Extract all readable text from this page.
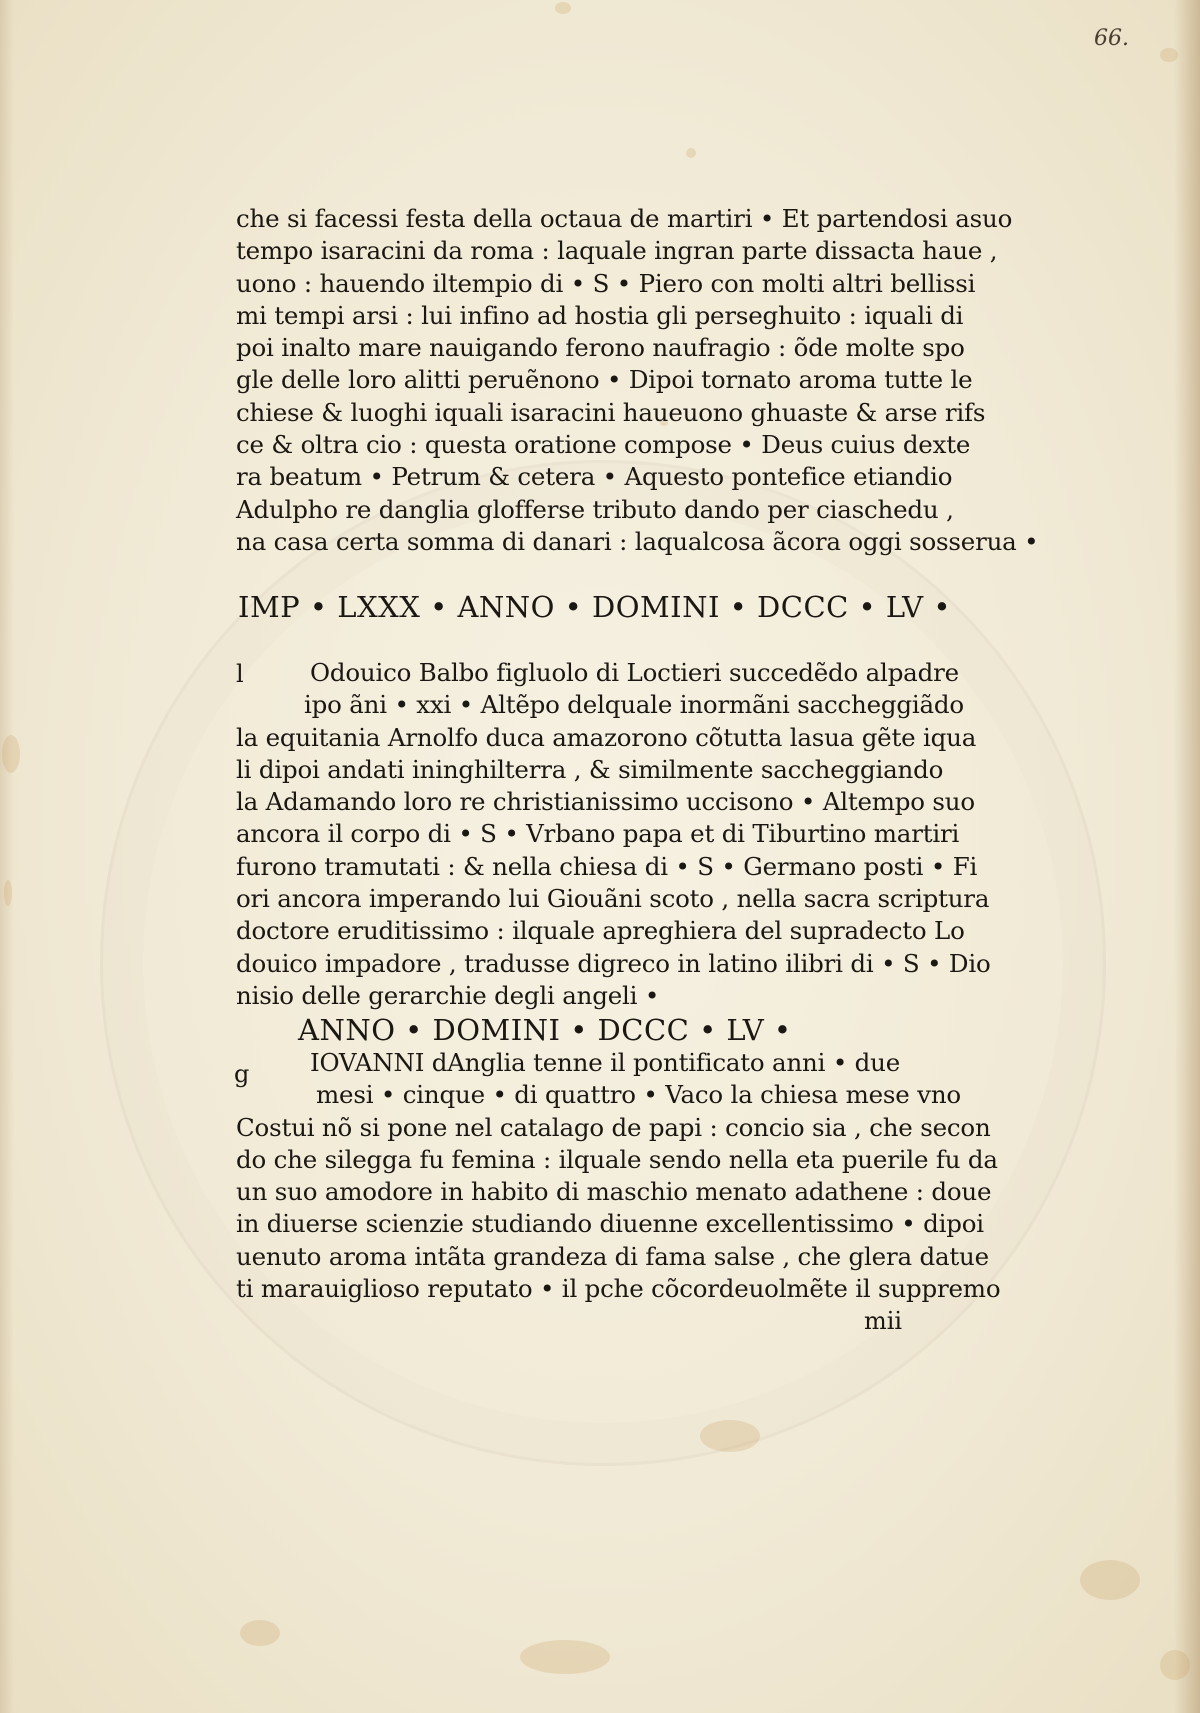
66.
che si facessi festa della octaua de martiri • Et partendosi asuo
tempo isaracini da roma : laquale ingran parte dissacta haue ,
uono : hauendo iltempio di • S • Piero con molti altri bellissi
mi tempi arsi : lui infino ad hostia gli perseghuito : iquali di
poi inalto mare nauigando ferono naufragio : õde molte spo
gle delle loro alitti peruẽnono • Dipoi tornato aroma tutte le
chiese & luoghi iquali isaracini haueuono ghuaste & arse rifs
ce & oltra cio : questa oratione compose • Deus cuius dexte
ra beatum • Petrum & cetera • Aquesto pontefice etiandio
Adulpho re danglia glofferse tributo dando per ciaschedu ,
na casa certa somma di danari : laqualcosa ãcora oggi sosserua •
IMP • LXXX • ANNO • DOMINI • DCCC • LV •
l	Odouico Balbo figluolo di Loctieri succedẽdo alpadre
ipo ãni • xxi • Altẽpo delquale inormãni saccheggiãdo
la equitania Arnolfo duca amazorono cõtutta lasua gẽte iqua
li dipoi andati ininghilterra , & similmente saccheggiando
la Adamando loro re christianissimo uccisono • Altempo suo
ancora il corpo di • S • Vrbano papa et di Tiburtino martiri
furono tramutati : & nella chiesa di • S • Germano posti • Fi
ori ancora imperando lui Giouãni scoto , nella sacra scriptura
doctore eruditissimo : ilquale apreghiera del supradecto Lo
douico impadore , tradusse digreco in latino ilibri di • S • Dio
nisio delle gerarchie degli angeli •
ANNO • DOMINI • DCCC • LV •
g	IOVANNI dAnglia tenne il pontificato anni • due
mesi • cinque • di quattro • Vaco la chiesa mese vno
Costui nõ si pone nel catalago de papi : concio sia , che secon
do che silegga fu femina : ilquale sendo nella eta puerile fu da
un suo amodore in habito di maschio menato adathene : doue
in diuerse scienzie studiando diuenne excellentissimo • dipoi
uenuto aroma intãta grandeza di fama salse , che glera datue
ti marauiglioso reputato • il pche cõcordeuolmẽte il suppremo
mii
